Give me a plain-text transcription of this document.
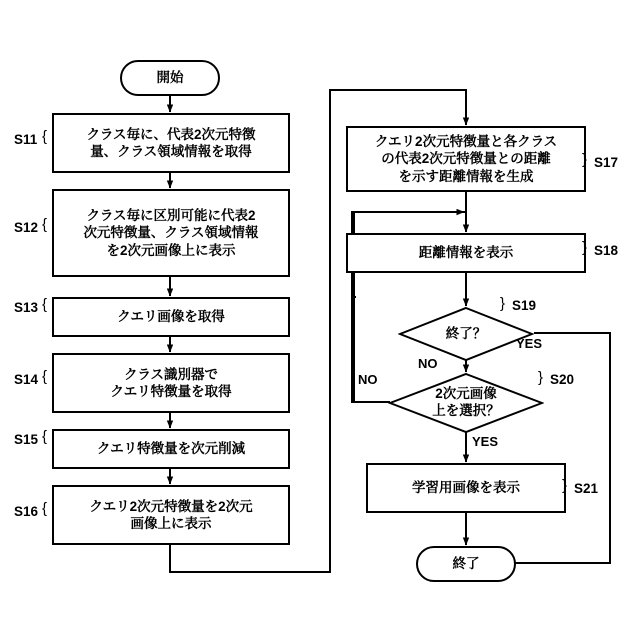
開始
クラス毎に、代表2次元特徴
量、クラス領域情報を取得
クラス毎に区別可能に代表2
次元特徴量、クラス領域情報
を2次元画像上に表示
クエリ画像を取得
クラス識別器で
クエリ特徴量を取得
クエリ特徴量を次元削減
クエリ2次元特徴量を2次元
画像上に表示
クエリ2次元特徴量と各クラス
の代表2次元特徴量との距離
を示す距離情報を生成
距離情報を表示
終了？
2次元画像
上を選択？
学習用画像を表示
終了
S11 {
S12 {
S13 {
S14 {
S15 {
S16 {
} S17
} S18
} S19
} S20
} S21
NO
YES
NO
YES
